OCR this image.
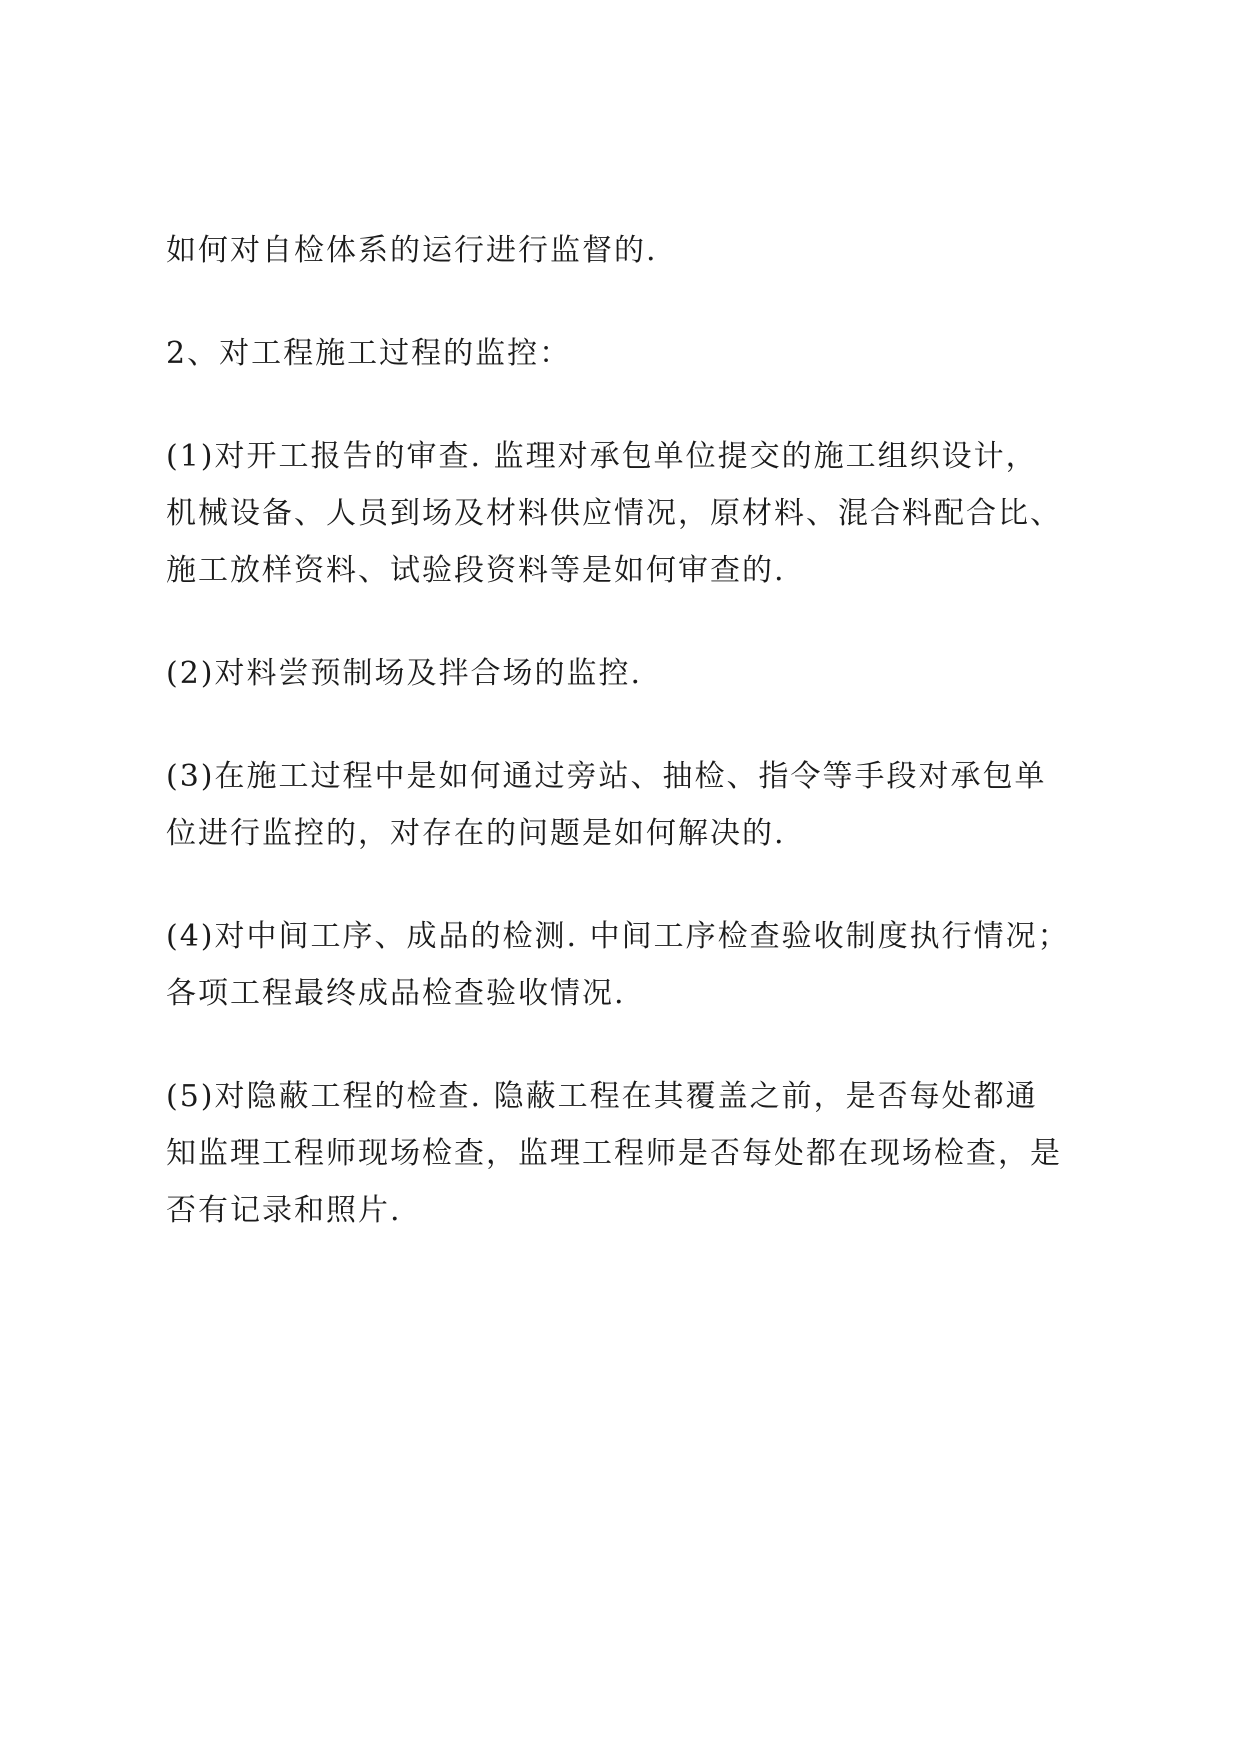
如何对自检体系的运行进行监督的.

2、对工程施工过程的监控：

(1)对开工报告的审查. 监理对承包单位提交的施工组织设计，
机械设备、人员到场及材料供应情况，原材料、混合料配合比、
施工放样资料、试验段资料等是如何审查的.

(2)对料尝预制场及拌合场的监控.

(3)在施工过程中是如何通过旁站、抽检、指令等手段对承包单
位进行监控的，对存在的问题是如何解决的.

(4)对中间工序、成品的检测. 中间工序检查验收制度执行情况；
各项工程最终成品检查验收情况.

(5)对隐蔽工程的检查. 隐蔽工程在其覆盖之前，是否每处都通
知监理工程师现场检查，监理工程师是否每处都在现场检查，是
否有记录和照片.
